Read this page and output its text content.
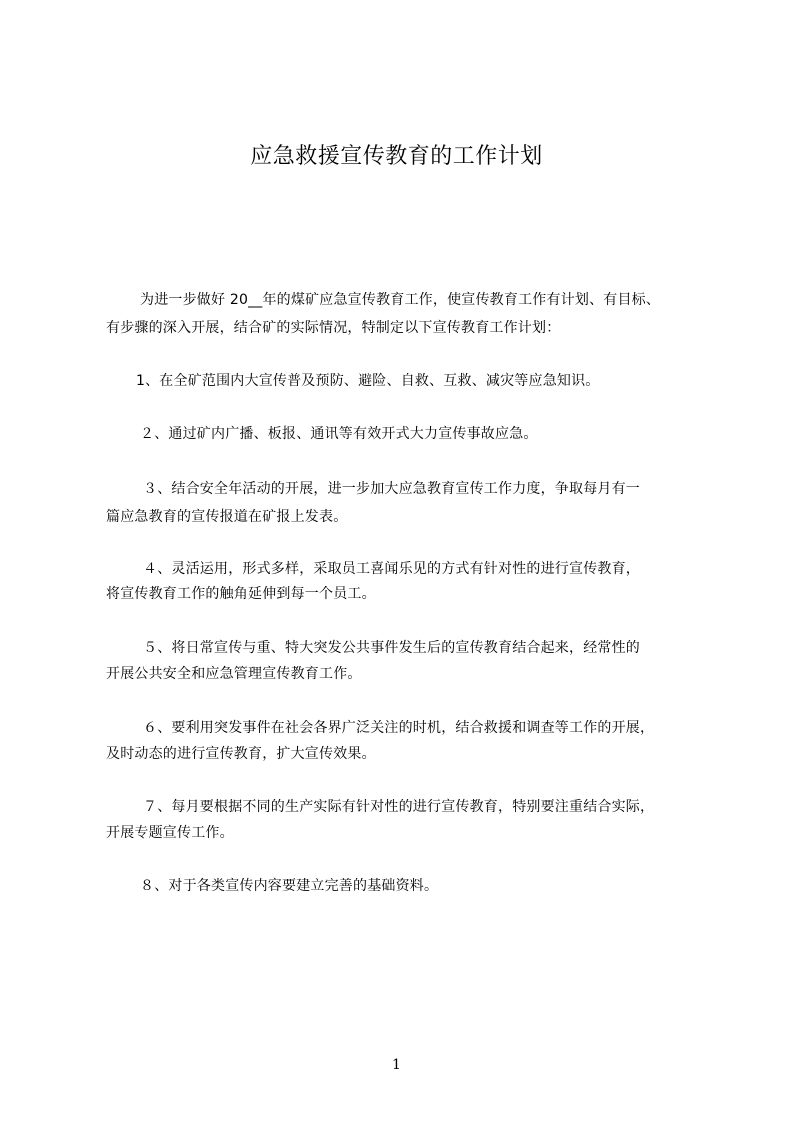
应急救援宣传教育的工作计划
为进一步做好 20__年的煤矿应急宣传教育工作，使宣传教育工作有计划、有目标、
有步骤的深入开展，结合矿的实际情况，特制定以下宣传教育工作计划：
1、在全矿范围内大宣传普及预防、避险、自救、互救、减灾等应急知识。
２、通过矿内广播、板报、通讯等有效开式大力宣传事故应急。
３、结合安全年活动的开展，进一步加大应急教育宣传工作力度，争取每月有一
篇应急教育的宣传报道在矿报上发表。
４、灵活运用，形式多样，采取员工喜闻乐见的方式有针对性的进行宣传教育，
将宣传教育工作的触角延伸到每一个员工。
５、将日常宣传与重、特大突发公共事件发生后的宣传教育结合起来，经常性的
开展公共安全和应急管理宣传教育工作。
６、要利用突发事件在社会各界广泛关注的时机，结合救援和调查等工作的开展，
及时动态的进行宣传教育，扩大宣传效果。
７、每月要根据不同的生产实际有针对性的进行宣传教育，特别要注重结合实际，
开展专题宣传工作。
８、对于各类宣传内容要建立完善的基础资料。
1
